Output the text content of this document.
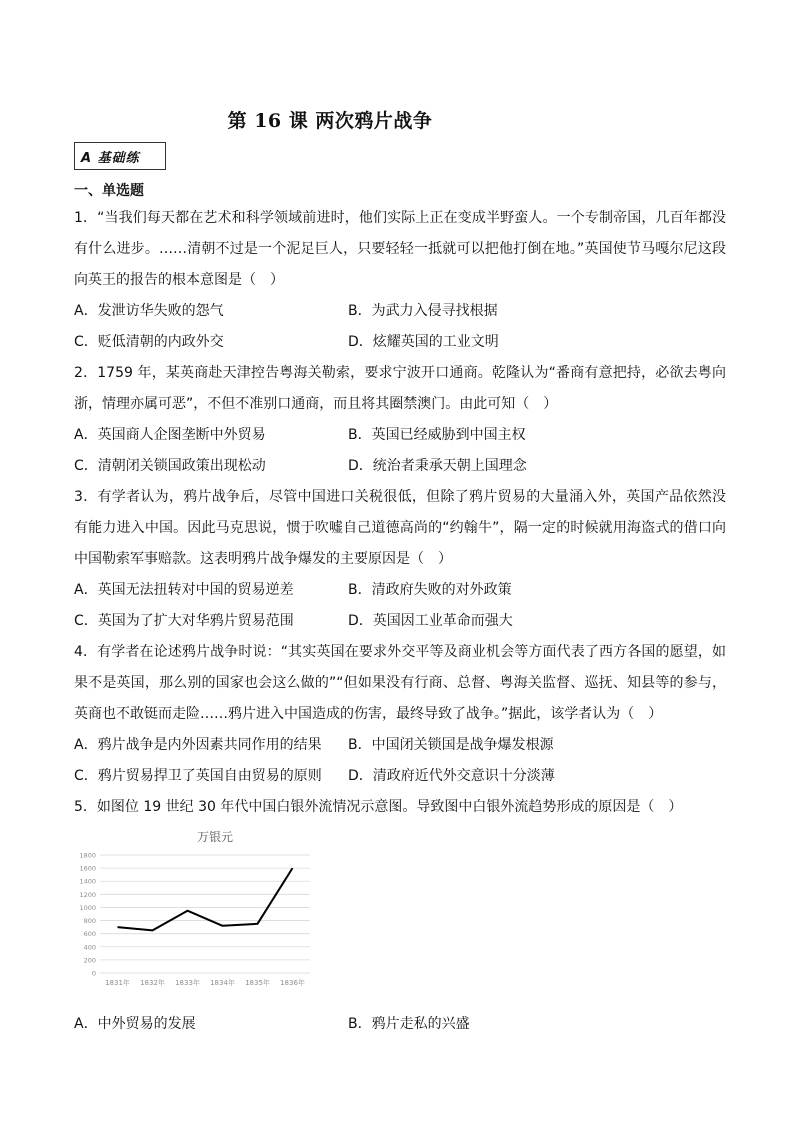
第 16 课 两次鸦片战争
A 基础练
一、单选题

1．“当我们每天都在艺术和科学领域前进时，他们实际上正在变成半野蛮人。一个专制帝国，几百年都没有什么进步。……清朝不过是一个泥足巨人，只要轻轻一抵就可以把他打倒在地。”英国使节马嘎尔尼这段向英王的报告的根本意图是（　）

A．发泄访华失败的怨气	B．为武力入侵寻找根据
C．贬低清朝的内政外交	D．炫耀英国的工业文明

2．1759 年，某英商赴天津控告粤海关勒索，要求宁波开口通商。乾隆认为“番商有意把持，必欲去粤向浙，情理亦属可恶”，不但不准别口通商，而且将其圈禁澳门。由此可知（　）

A．英国商人企图垄断中外贸易	B．英国已经威胁到中国主权
C．清朝闭关锁国政策出现松动	D．统治者秉承天朝上国理念

3．有学者认为，鸦片战争后，尽管中国进口关税很低，但除了鸦片贸易的大量涌入外，英国产品依然没有能力进入中国。因此马克思说，惯于吹嘘自己道德高尚的“约翰牛”，隔一定的时候就用海盗式的借口向中国勒索军事赔款。这表明鸦片战争爆发的主要原因是（　）

A．英国无法扭转对中国的贸易逆差	B．清政府失败的对外政策
C．英国为了扩大对华鸦片贸易范围	D．英国因工业革命而强大

4．有学者在论述鸦片战争时说：“其实英国在要求外交平等及商业机会等方面代表了西方各国的愿望，如果不是英国，那么别的国家也会这么做的”“但如果没有行商、总督、粤海关监督、巡抚、知县等的参与，英商也不敢铤而走险……鸦片进入中国造成的伤害，最终导致了战争。”据此，该学者认为（　）

A．鸦片战争是内外因素共同作用的结果	B．中国闭关锁国是战争爆发根源
C．鸦片贸易捍卫了英国自由贸易的原则	D．清政府近代外交意识十分淡薄

5．如图位 19 世纪 30 年代中国白银外流情况示意图。导致图中白银外流趋势形成的原因是（　）

万银元
0
200
400
600
800
1000
1200
1400
1600
1800
1831年 1832年 1833年 1834年 1835年 1836年
A．中外贸易的发展	B．鸦片走私的兴盛
